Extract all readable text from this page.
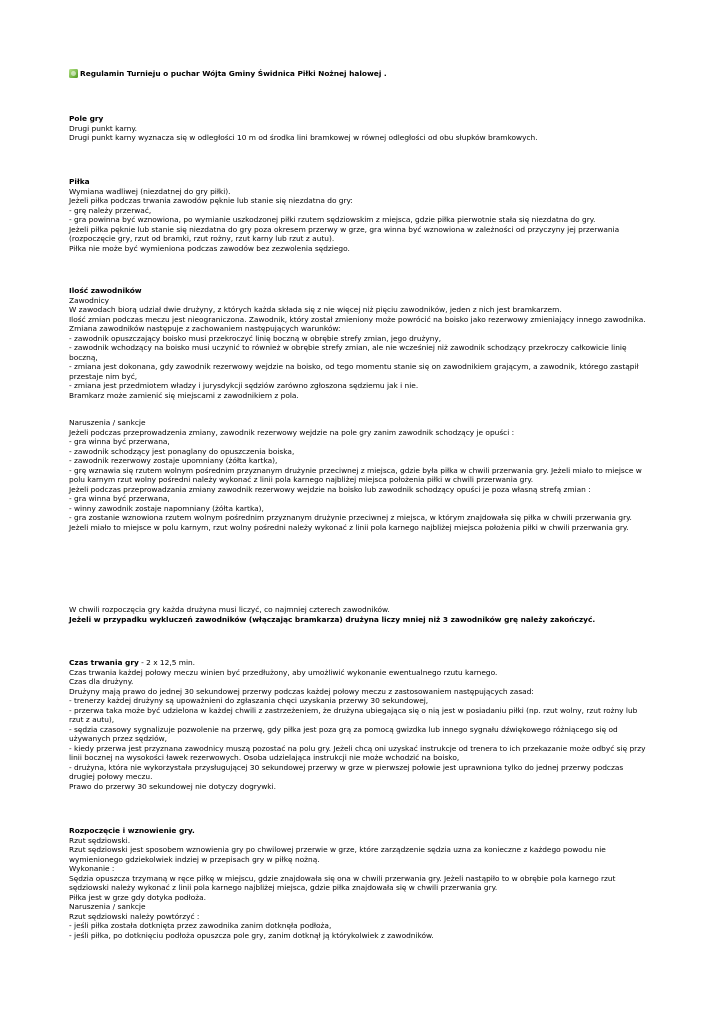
Regulamin Turnieju o puchar Wójta Gminy Świdnica Piłki Nożnej halowej .
Pole gry
Drugi punkt karny.
Drugi punkt karny wyznacza się w odległości 10 m od środka lini bramkowej w równej odległości od obu słupków bramkowych.
Piłka
Wymiana wadliwej (niezdatnej do gry piłki).
Jeżeli piłka podczas trwania zawodów pęknie lub stanie się niezdatna do gry:
- grę należy przerwać,
- gra powinna być wznowiona, po wymianie uszkodzonej piłki rzutem sędziowskim z miejsca, gdzie piłka pierwotnie stała się niezdatna do gry.
Jeżeli piłka pęknie lub stanie się niezdatna do gry poza okresem przerwy w grze, gra winna być wznowiona w zależności od przyczyny jej przerwania (rozpoczęcie gry, rzut od bramki, rzut rożny, rzut karny lub rzut z autu).
Piłka nie może być wymieniona podczas zawodów bez zezwolenia sędziego.
Ilość zawodników
Zawodnicy
W zawodach biorą udział dwie drużyny, z których każda składa się z nie więcej niż pięciu zawodników, jeden z nich jest bramkarzem.
Ilość zmian podczas meczu jest nieograniczona. Zawodnik, który został zmieniony może powrócić na boisko jako rezerwowy zmieniający innego zawodnika.
Zmiana zawodników następuje z zachowaniem następujących warunków:
- zawodnik opuszczający boisko musi przekroczyć linię boczną w obrębie strefy zmian, jego drużyny,
- zawodnik wchodzący na boisko musi uczynić to również w obrębie strefy zmian, ale nie wcześniej niż zawodnik schodzący przekroczy całkowicie linię boczną,
- zmiana jest dokonana, gdy zawodnik rezerwowy wejdzie na boisko, od tego momentu stanie się on zawodnikiem grającym, a zawodnik, którego zastąpił przestaje nim być,
- zmiana jest przedmiotem władzy i jurysdykcji sędziów zarówno zgłoszona sędziemu jak i nie.
Bramkarz może zamienić się miejscami z zawodnikiem z pola.
Naruszenia / sankcje
Jeżeli podczas przeprowadzenia zmiany, zawodnik rezerwowy wejdzie na pole gry zanim zawodnik schodzący je opuści :
- gra winna być przerwana,
- zawodnik schodzący jest ponaglany do opuszczenia boiska,
- zawodnik rezerwowy zostaje upomniany (żółta kartka),
- grę wznawia się rzutem wolnym pośrednim przyznanym drużynie przeciwnej z miejsca, gdzie była piłka w chwili przerwania gry. Jeżeli miało to miejsce w polu karnym rzut wolny pośredni należy wykonać z linii pola karnego najbliżej miejsca położenia piłki w chwili przerwania gry.
Jeżeli podczas przeprowadzania zmiany zawodnik rezerwowy wejdzie na boisko lub zawodnik schodzący opuści je poza własną strefą zmian :
- gra winna być przerwana,
- winny zawodnik zostaje napomniany (żółta kartka),
- gra zostanie wznowiona rzutem wolnym pośrednim przyznanym drużynie przeciwnej z miejsca, w którym znajdowała się piłka w chwili przerwania gry. Jeżeli miało to miejsce w polu karnym, rzut wolny pośredni należy wykonać z linii pola karnego najbliżej miejsca położenia piłki w chwili przerwania gry.
W chwili rozpoczęcia gry każda drużyna musi liczyć, co najmniej czterech zawodników.
Jeżeli w przypadku wykluczeń zawodników (włączając bramkarza) drużyna liczy mniej niż 3 zawodników grę należy zakończyć.
Czas trwania gry - 2 x 12,5 min.
Czas trwania każdej połowy meczu winien być przedłużony, aby umożliwić wykonanie ewentualnego rzutu karnego.
Czas dla drużyny.
Drużyny mają prawo do jednej 30 sekundowej przerwy podczas każdej połowy meczu z zastosowaniem następujących zasad:
- trenerzy każdej drużyny są upoważnieni do zgłaszania chęci uzyskania przerwy 30 sekundowej,
- przerwa taka może być udzielona w każdej chwili z zastrzeżeniem, że drużyna ubiegająca się o nią jest w posiadaniu piłki (np. rzut wolny, rzut rożny lub rzut z autu),
- sędzia czasowy sygnalizuje pozwolenie na przerwę, gdy piłka jest poza grą za pomocą gwizdka lub innego sygnału dźwiękowego różniącego się od używanych przez sędziów,
- kiedy przerwa jest przyznana zawodnicy muszą pozostać na polu gry. Jeżeli chcą oni uzyskać instrukcje od trenera to ich przekazanie może odbyć się przy linii bocznej na wysokości ławek rezerwowych. Osoba udzielająca instrukcji nie może wchodzić na boisko,
- drużyna, która nie wykorzystała przysługującej 30 sekundowej przerwy w grze w pierwszej połowie jest uprawniona tylko do jednej przerwy podczas drugiej połowy meczu.
Prawo do przerwy 30 sekundowej nie dotyczy dogrywki.
Rozpoczęcie i wznowienie gry.
Rzut sędziowski.
Rzut sędziowski jest sposobem wznowienia gry po chwilowej przerwie w grze, które zarządzenie sędzia uzna za konieczne z każdego powodu nie wymienionego gdziekolwiek indziej w przepisach gry w piłkę nożną.
Wykonanie :
Sędzia opuszcza trzymaną w ręce piłkę w miejscu, gdzie znajdowała się ona w chwili przerwania gry. Jeżeli nastąpiło to w obrębie pola karnego rzut sędziowski należy wykonać z linii pola karnego najbliżej miejsca, gdzie piłka znajdowała się w chwili przerwania gry.
Piłka jest w grze gdy dotyka podłoża.
Naruszenia / sankcje
Rzut sędziowski należy powtórzyć :
- jeśli piłka została dotknięta przez zawodnika zanim dotknęła podłoża,
- jeśli piłka, po dotknięciu podłoża opuszcza pole gry, zanim dotknął ją którykolwiek z zawodników.
